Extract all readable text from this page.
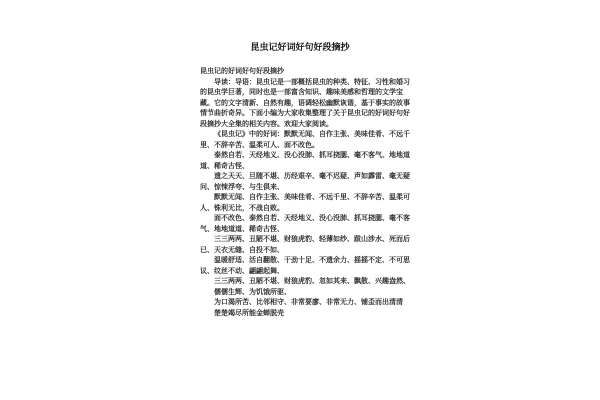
昆虫记好词好句好段摘抄

昆虫记的好词好句好段摘抄

导读：导语：昆虫记是一部概括昆虫的种类、特征、习性和婚习的昆虫学巨著，同时也是一部富含知识、趣味美感和哲理的文学宝藏。它的文字清新、自然有趣，语调轻松幽默诙谐，基于事实的故事情节曲折奇异。下面小编为大家收集整理了关于昆虫记的好词好句好段摘抄大全集的相关内容。欢迎大家阅读。

《昆虫记》中的好词：默默无闻、自作主张、美味佳肴、不远千里、不辞辛苦、温柔可人、面不改色。

泰然自若、天经地义、没心没肺、抓耳挠腮、毫不客气、地地道道、稀奇古怪、

遗之天天、旦随不堪、历经艰辛、毫不迟疑、声如霹雷、毫无疑问、惊悚浮夸、与生俱来、

默默无闻、自作主张、美味佳肴、不远千里、不辞辛苦、温柔可人、铢利无比，不战自败。

面不改色、泰然自若、天经地义、没心没肺、抓耳挠腮、毫不客气、地地道道、稀奇古怪、

三三两两、丑陋不堪、财狼虎豹、轻薄如纱、跋山涉水、死而后已、天衣无缝、自投不如、

温暖舒适、活自翻散、干劲十足、不遗余力、摇摇不定、不可思议、纹丝不动、翩翩起舞、

三三两两、丑陋不堪、财狼虎豹、忽如其来、飘散、兴趣盎然、

儒儒生辉、为饥饿所驱、

为口渴所苦、比邻相守、非常要廖、非常无力、铺歪而出清清

楚楚竭尽所能金蝉脱壳
